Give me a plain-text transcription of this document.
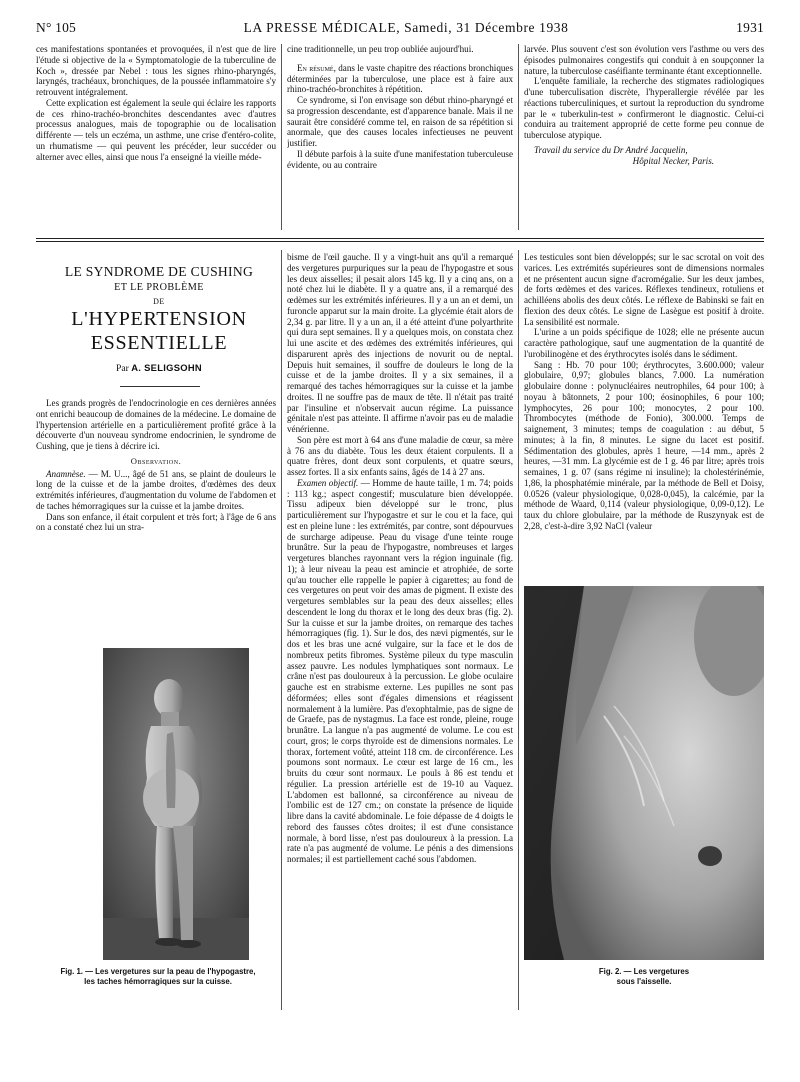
N° 105	LA PRESSE MÉDICALE, Samedi, 31 Décembre 1938	1931

ces manifestations spontanées et provoquées, il n'est que de lire l'étude si objective de la « Symptomatologie de la tuberculine de Koch », dressée par Nebel : tous les signes rhino-pharyngés, laryngés, trachéaux, bronchiques, de la poussée inflammatoire s'y retrouvent intégralement.

Cette explication est également la seule qui éclaire les rapports de ces rhino-trachéo-bronchites descendantes avec d'autres processus analogues, mais de topographie ou de localisation différente — tels un eczéma, un asthme, une crise d'entéro-colite, un rhumatisme — qui peuvent les précéder, leur succéder ou alterner avec elles, ainsi que nous l'a enseigné la vieille méde-

cine traditionnelle, un peu trop oubliée aujourd'hui.

En résumé, dans le vaste chapitre des réactions bronchiques déterminées par la tuberculose, une place est à faire aux rhino-trachéo-bronchites à répétition.

Ce syndrome, si l'on envisage son début rhino-pharyngé et sa progression descendante, est d'apparence banale. Mais il ne saurait être considéré comme tel, en raison de sa répétition si anormale, que des causes locales infectieuses ne peuvent justifier.

Il débute parfois à la suite d'une manifestation tuberculeuse évidente, ou au contraire

larvée. Plus souvent c'est son évolution vers l'asthme ou vers des épisodes pulmonaires congestifs qui conduit à en soupçonner la nature, la tuberculose caséifiante terminante étant exceptionnelle.

L'enquête familiale, la recherche des stigmates radiologiques d'une tuberculisation discrète, l'hyperallergie révélée par les réactions tuberculiniques, et surtout la reproduction du syndrome par le « tuberkulin-test » confirmeront le diagnostic. Celui-ci conduira au traitement approprié de cette forme peu connue de tuberculose atypique.

Travail du service du Dr André Jacquelin,

Hôpital Necker, Paris.

LE SYNDROME DE CUSHING
ET LE PROBLÈME
DE
L'HYPERTENSION
ESSENTIELLE
Par A. SELIGSOHN

Les grands progrès de l'endocrinologie en ces dernières années ont enrichi beaucoup de domaines de la médecine. Le domaine de l'hypertension artérielle en a particulièrement profité grâce à la découverte d'un nouveau syndrome endocrinien, le syndrome de Cushing, que je tiens à décrire ici.

Observation.

Anamnèse. — M. U..., âgé de 51 ans, se plaint de douleurs le long de la cuisse et de la jambe droites, d'œdèmes des deux extrémités inférieures, d'augmentation du volume de l'abdomen et de taches hémorragiques sur la cuisse et la jambe droites.

Dans son enfance, il était corpulent et très fort; à l'âge de 6 ans on a constaté chez lui un stra-

Fig. 1. — Les vergetures sur la peau de l'hypogastre,
les taches hémorragiques sur la cuisse.

bisme de l'œil gauche. Il y a vingt-huit ans qu'il a remarqué des vergetures purpuriques sur la peau de l'hypogastre et sous les deux aisselles; il pesait alors 145 kg. Il y a cinq ans, on a noté chez lui le diabète. Il y a quatre ans, il a remarqué des œdèmes sur les extrémités inférieures. Il y a un an et demi, un furoncle apparut sur la main droite. La glycémie était alors de 2,34 g. par litre. Il y a un an, il a été atteint d'une polyarthrite qui dura sept semaines. Il y a quelques mois, on constata chez lui une ascite et des œdèmes des extrémités inférieures, qui disparurent après des injections de novurit ou de neptal. Depuis huit semaines, il souffre de douleurs le long de la cuisse et de la jambe droites. Il y a six semaines, il a remarqué des taches hémorragiques sur la cuisse et la jambe droites. Il ne souffre pas de maux de tête. Il n'était pas traité par l'insuline et n'observait aucun régime. La puissance génitale n'est pas atteinte. Il affirme n'avoir pas eu de maladie vénérienne.

Son père est mort à 64 ans d'une maladie de cœur, sa mère à 76 ans du diabète. Tous les deux étaient corpulents. Il a quatre frères, dont deux sont corpulents, et quatre sœurs, assez fortes. Il a six enfants sains, âgés de 14 à 27 ans.

Examen objectif. — Homme de haute taille, 1 m. 74; poids : 113 kg.; aspect congestif; musculature bien développée. Tissu adipeux bien développé sur le tronc, plus particulièrement sur l'hypogastre et sur le cou et la face, qui est en pleine lune : les extrémités, par contre, sont dépourvues de surcharge adipeuse. Peau du visage d'une teinte rouge brunâtre. Sur la peau de l'hypogastre, nombreuses et larges vergetures blanches rayonnant vers la région inguinale (fig. 1); à leur niveau la peau est amincie et atrophiée, de sorte qu'au toucher elle rappelle le papier à cigarettes; au fond de ces vergetures on peut voir des amas de pigment. Il existe des vergetures semblables sur la peau des deux aisselles; elles descendent le long du thorax et le long des deux bras (fig. 2). Sur la cuisse et sur la jambe droites, on remarque des taches hémorragiques (fig. 1). Sur le dos, des nævi pigmentés, sur le dos et les bras une acné vulgaire, sur la face et le dos de nombreux petits fibromes. Système pileux du type masculin assez pauvre. Les nodules lymphatiques sont normaux. Le crâne n'est pas douloureux à la percussion. Le globe oculaire gauche est en strabisme externe. Les pupilles ne sont pas déformées; elles sont d'égales dimensions et réagissent normalement à la lumière. Pas d'exophtalmie, pas de signe de de Graefe, pas de nystagmus. La face est ronde, pleine, rouge brunâtre. La langue n'a pas augmenté de volume. Le cou est court, gros; le corps thyroïde est de dimensions normales. Le thorax, fortement voûté, atteint 118 cm. de circonférence. Les poumons sont normaux. Le cœur est large de 16 cm., les bruits du cœur sont normaux. Le pouls à 86 est tendu et régulier. La pression artérielle est de 19-10 au Vaquez. L'abdomen est ballonné, sa circonférence au niveau de l'ombilic est de 127 cm.; on constate la présence de liquide libre dans la cavité abdominale. Le foie dépasse de 4 doigts le rebord des fausses côtes droites; il est d'une consistance normale, à bord lisse, n'est pas douloureux à la pression. La rate n'a pas augmenté de volume. Le pénis a des dimensions normales; il est partiellement caché sous l'abdomen.

Les testicules sont bien développés; sur le sac scrotal on voit des varices. Les extrémités supérieures sont de dimensions normales et ne présentent aucun signe d'acromégalie. Sur les deux jambes, de forts œdèmes et des varices. Réflexes tendineux, rotuliens et achilléens abolis des deux côtés. Le réflexe de Babinski se fait en flexion des deux côtés. Le signe de Lasègue est positif à droite. La sensibilité est normale.

L'urine a un poids spécifique de 1028; elle ne présente aucun caractère pathologique, sauf une augmentation de la quantité de l'urobilinogène et des érythrocytes isolés dans le sédiment.

Sang : Hb. 70 pour 100; érythrocytes, 3.600.000; valeur globulaire, 0,97; globules blancs, 7.000. La numération globulaire donne : polynucléaires neutrophiles, 64 pour 100; à noyau à bâtonnets, 2 pour 100; éosinophiles, 6 pour 100; lymphocytes, 26 pour 100; monocytes, 2 pour 100. Thrombocytes (méthode de Fonio), 300.000. Temps de saignement, 3 minutes; temps de coagulation : au début, 5 minutes; à la fin, 8 minutes. Le signe du lacet est positif. Sédimentation des globules, après 1 heure, —14 mm., après 2 heures, —31 mm. La glycémie est de 1 g. 46 par litre; après trois semaines, 1 g. 07 (sans régime ni insuline); la cholestérinémie, 1,86, la phosphatémie minérale, par la méthode de Bell et Doisy, 0.0526 (valeur physiologique, 0,028-0,045), la calcémie, par la méthode de Waard, 0,114 (valeur physiologique, 0,09-0,12). Le taux du chlore globulaire, par la méthode de Ruszynyak est de 2,28, c'est-à-dire 3,92 NaCl (valeur

Fig. 2. — Les vergetures
sous l'aisselle.
